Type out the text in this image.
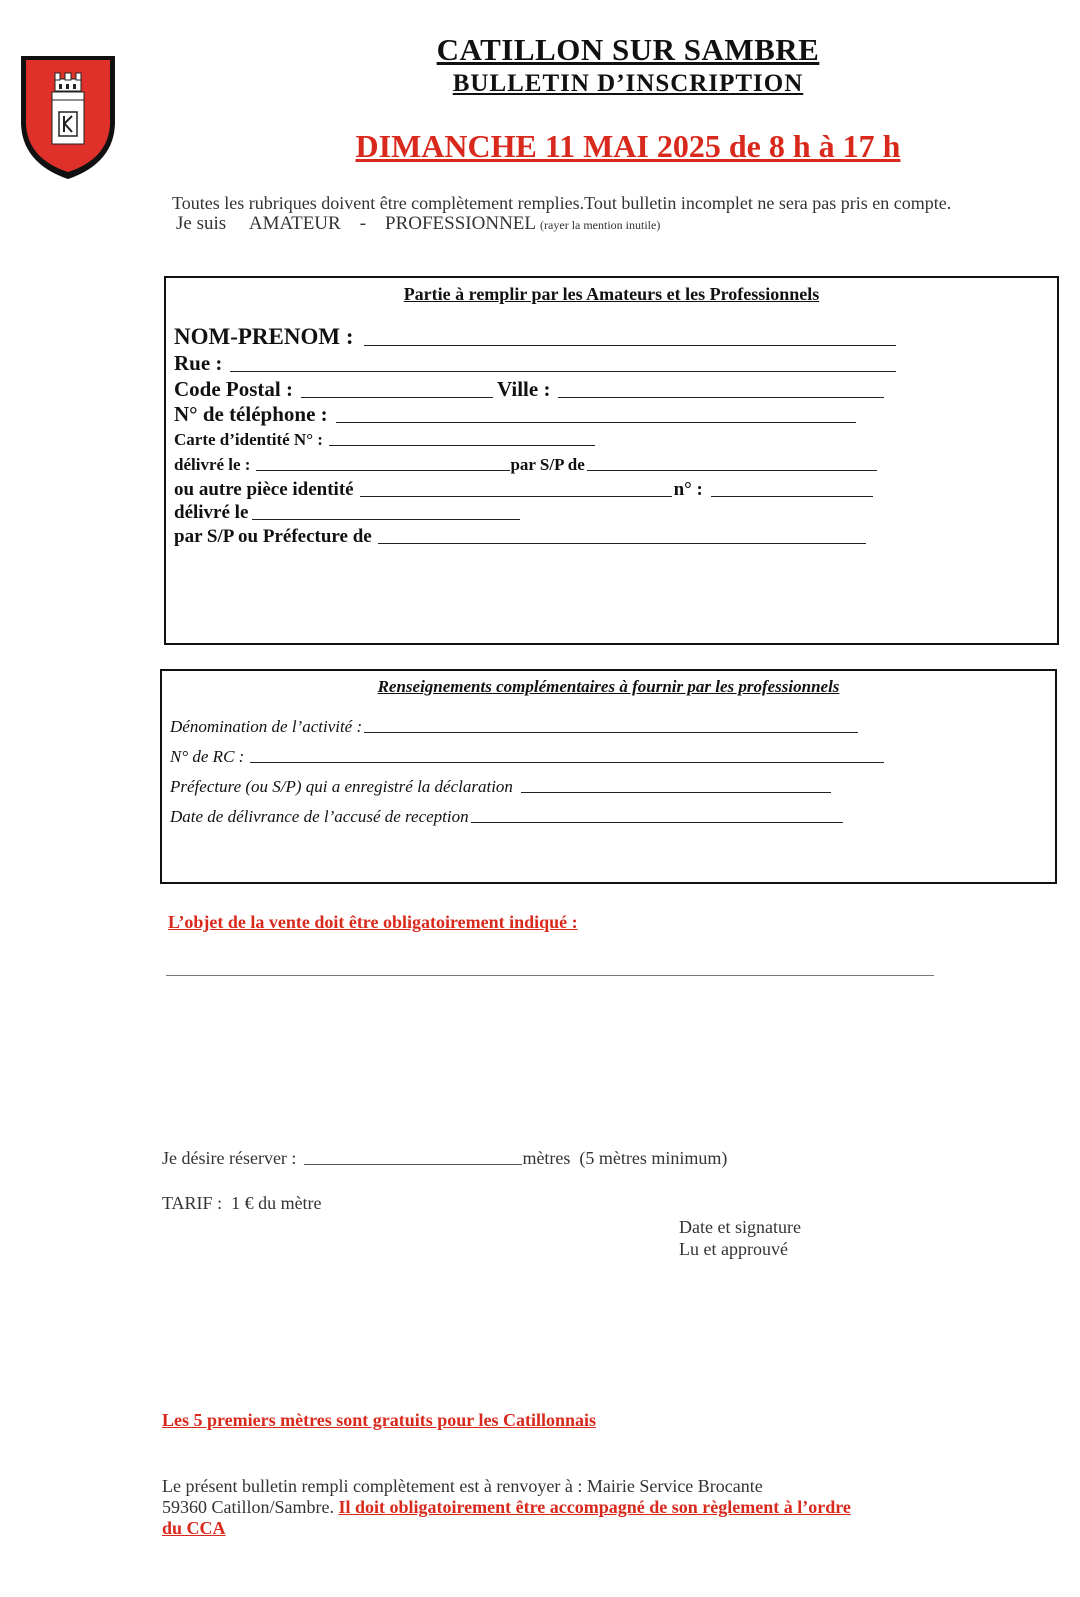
CATILLON SUR SAMBRE
BULLETIN D’INSCRIPTION
DIMANCHE 11 MAI 2025 de 8 h à 17 h
Toutes les rubriques doivent être complètement remplies.Tout bulletin incomplet ne sera pas pris en compte.
Je suis AMATEUR - PROFESSIONNEL (rayer la mention inutile)
Partie à remplir par les Amateurs et les Professionnels
NOM-PRENOM :
Rue :
Code Postal :	Ville :
N° de téléphone :
Carte d’identité N° :
délivré le :	par S/P de
ou autre pièce identité	n° :
délivré le
par S/P ou Préfecture de
Renseignements complémentaires à fournir par les professionnels
Dénomination de l’activité :
N° de RC :
Préfecture (ou S/P) qui a enregistré la déclaration
Date de délivrance de l’accusé de reception
L’objet de la vente doit être obligatoirement indiqué :
Je désire réserver :	mètres  (5 mètres minimum)
TARIF :  1 € du mètre
Date et signature
Lu et approuvé
Les 5 premiers mètres sont gratuits pour les Catillonnais
Le présent bulletin rempli complètement est à renvoyer à : Mairie Service Brocante
59360 Catillon/Sambre. Il doit obligatoirement être accompagné de son règlement à l’ordre
du CCA
